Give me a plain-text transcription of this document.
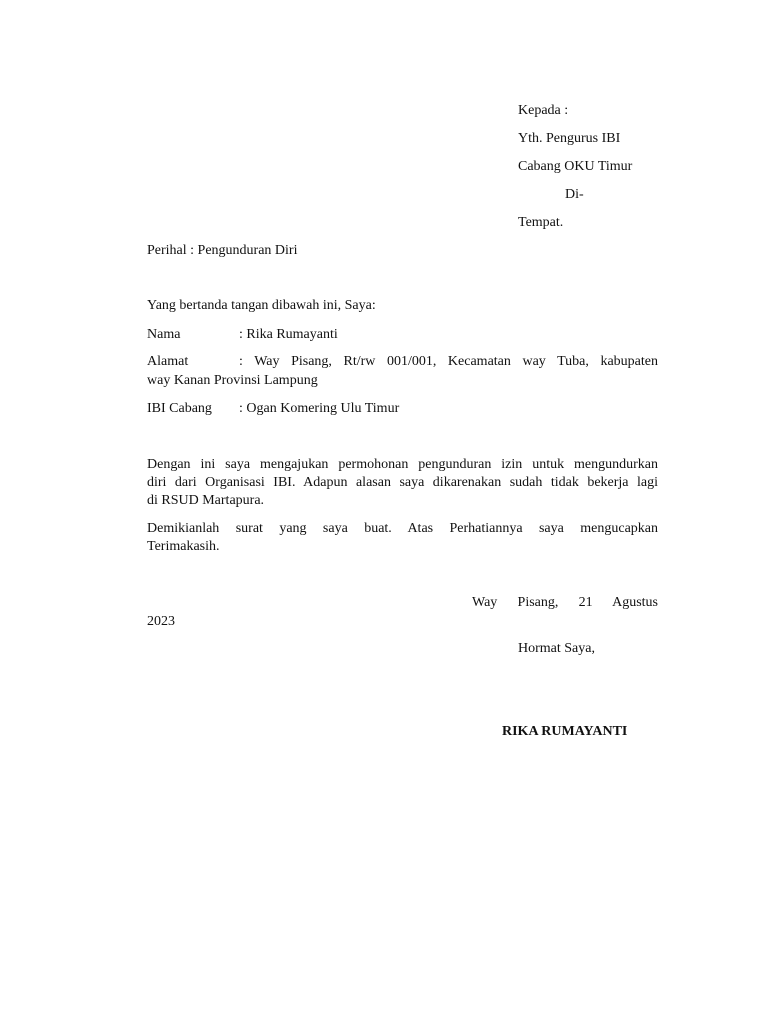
Kepada :
Yth. Pengurus IBI
Cabang OKU Timur
Di-
Tempat.
Perihal : Pengunduran Diri
Yang bertanda tangan dibawah ini, Saya:
Nama	: Rika Rumayanti
Alamat	: Way Pisang, Rt/rw 001/001, Kecamatan way Tuba, kabupaten
way Kanan Provinsi Lampung
IBI Cabang : Ogan Komering Ulu Timur
Dengan ini saya mengajukan permohonan pengunduran izin untuk mengundurkan
diri dari Organisasi IBI. Adapun alasan saya dikarenakan sudah tidak bekerja lagi
di RSUD Martapura.
Demikianlah surat yang saya buat. Atas Perhatiannya saya mengucapkan
Terimakasih.
Way Pisang, 21 Agustus
2023
Hormat Saya,
RIKA RUMAYANTI
